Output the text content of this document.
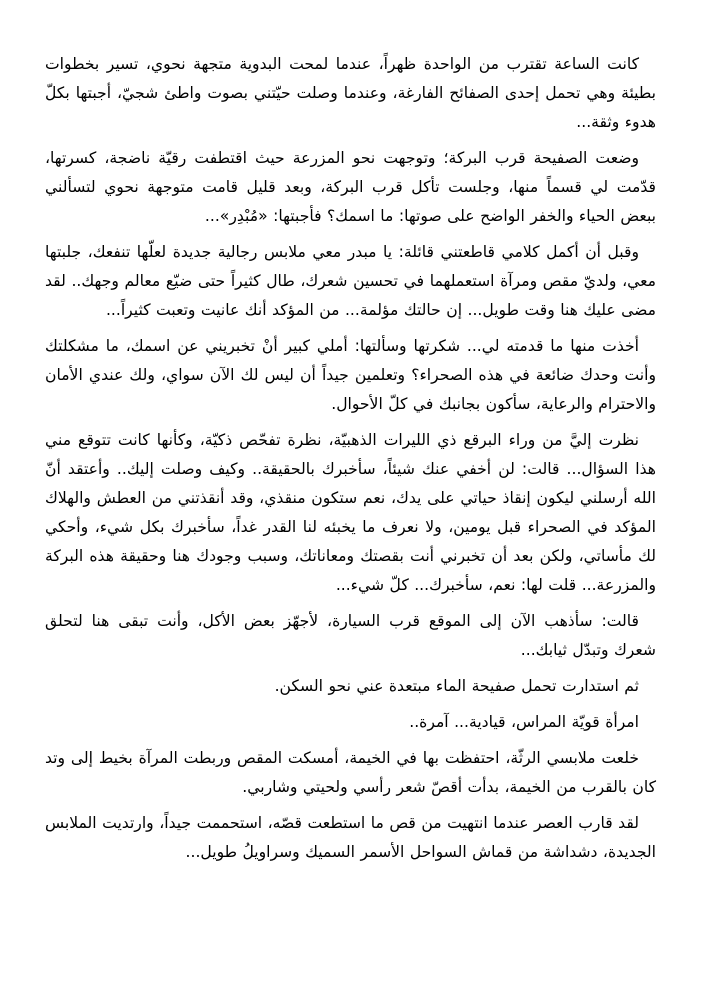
كانت الساعة تقترب من الواحدة ظهراً، عندما لمحت البدوية متجهة نحوي، تسير بخطوات بطيئة وهي تحمل إحدى الصفائح الفارغة، وعندما وصلت حيّتني بصوت واطئ شجيّ، أجبتها بكلّ هدوء وثقة...

وضعت الصفيحة قرب البركة؛ وتوجهت نحو المزرعة حيث اقتطفت رقيّة ناضجة، كسرتها، قدّمت لي قسماً منها، وجلست تأكل قرب البركة، وبعد قليل قامت متوجهة نحوي لتسألني ببعض الحياء والخفر الواضح على صوتها: ما اسمك؟ فأجبتها: «مُبْدِر»...

وقبل أن أكمل كلامي قاطعتني قائلة: يا مبدر معي ملابس رجالية جديدة لعلّها تنفعك، جلبتها معي، ولديّ مقص ومرآة استعملهما في تحسين شعرك، طال كثيراً حتى ضيّع معالم وجهك.. لقد مضى عليك هنا وقت طويل... إن حالتك مؤلمة... من المؤكد أنك عانيت وتعبت كثيراً...

أخذت منها ما قدمته لي... شكرتها وسألتها: أملي كبير أنْ تخبريني عن اسمك، ما مشكلتك وأنت وحدك ضائعة في هذه الصحراء؟ وتعلمين جيداً أن ليس لك الآن سواي، ولك عندي الأمان والاحترام والرعاية، سأكون بجانبك في كلّ الأحوال.

نظرت إليَّ من وراء البرقع ذي الليرات الذهبيّة، نظرة تفحّص ذكيّة، وكأنها كانت تتوقع مني هذا السؤال... قالت: لن أخفي عنك شيئاً، سأخبرك بالحقيقة.. وكيف وصلت إليك.. وأعتقد أنّ الله أرسلني ليكون إنقاذ حياتي على يدك، نعم ستكون منقذي، وقد أنقذتني من العطش والهلاك المؤكد في الصحراء قبل يومين، ولا نعرف ما يخبئه لنا القدر غداً، سأخبرك بكل شيء، وأحكي لك مأساتي، ولكن بعد أن تخبرني أنت بقصتك ومعاناتك، وسبب وجودك هنا وحقيقة هذه البركة والمزرعة... قلت لها: نعم، سأخبرك... كلّ شيء...

قالت: سأذهب الآن إلى الموقع قرب السيارة، لأجهّز بعض الأكل، وأنت تبقى هنا لتحلق شعرك وتبدّل ثيابك...

ثم استدارت تحمل صفيحة الماء مبتعدة عني نحو السكن.

امرأة قويّة المراس، قيادية... آمرة..

خلعت ملابسي الرثّة، احتفظت بها في الخيمة، أمسكت المقص وربطت المرآة بخيط إلى وتد كان بالقرب من الخيمة، بدأت أقصّ شعر رأسي ولحيتي وشاربي.

لقد قارب العصر عندما انتهيت من قص ما استطعت قصّه، استحممت جيداً، وارتديت الملابس الجديدة، دشداشة من قماش السواحل الأسمر السميك وسراويلُ طويل...
